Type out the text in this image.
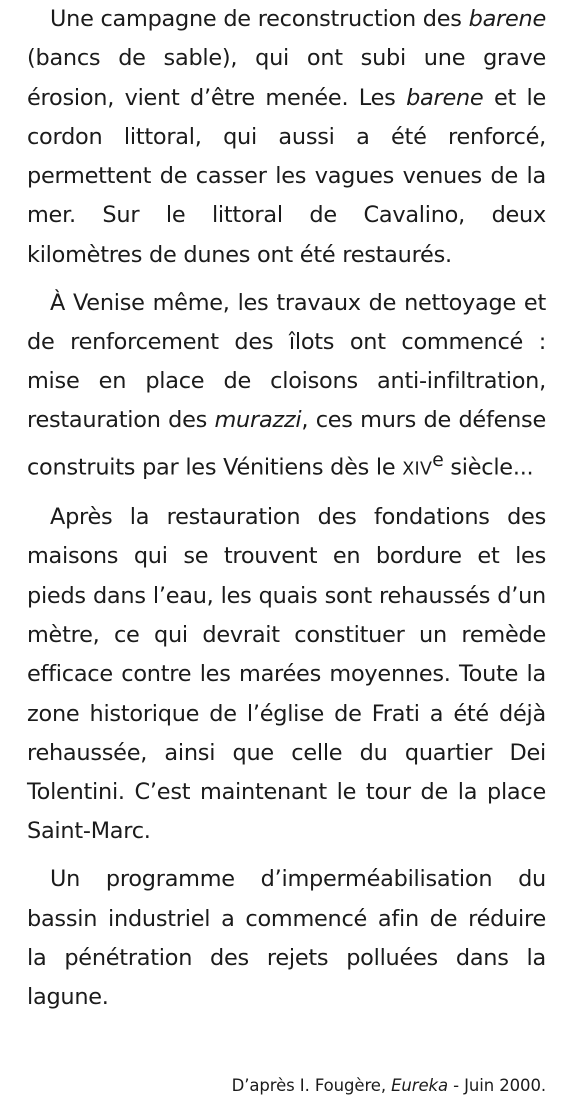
Une campagne de reconstruction des barene (bancs de sable), qui ont subi une grave érosion, vient d’être menée. Les barene et le cordon littoral, qui aussi a été renforcé, permettent de casser les vagues venues de la mer. Sur le littoral de Cavalino, deux kilomètres de dunes ont été restaurés.

À Venise même, les travaux de nettoyage et de renforcement des îlots ont commencé : mise en place de cloisons anti-infiltration, restauration des murazzi, ces murs de défense construits par les Vénitiens dès le XIVe siècle...

Après la restauration des fondations des maisons qui se trouvent en bordure et les pieds dans l’eau, les quais sont rehaussés d’un mètre, ce qui devrait constituer un remède efficace contre les marées moyennes. Toute la zone historique de l’église de Frati a été déjà rehaussée, ainsi que celle du quartier Dei Tolentini. C’est maintenant le tour de la place Saint-Marc.

Un programme d’imperméabilisation du bassin industriel a commencé afin de réduire la pénétration des rejets polluées dans la lagune.

D’après I. Fougère, Eureka - Juin 2000.
